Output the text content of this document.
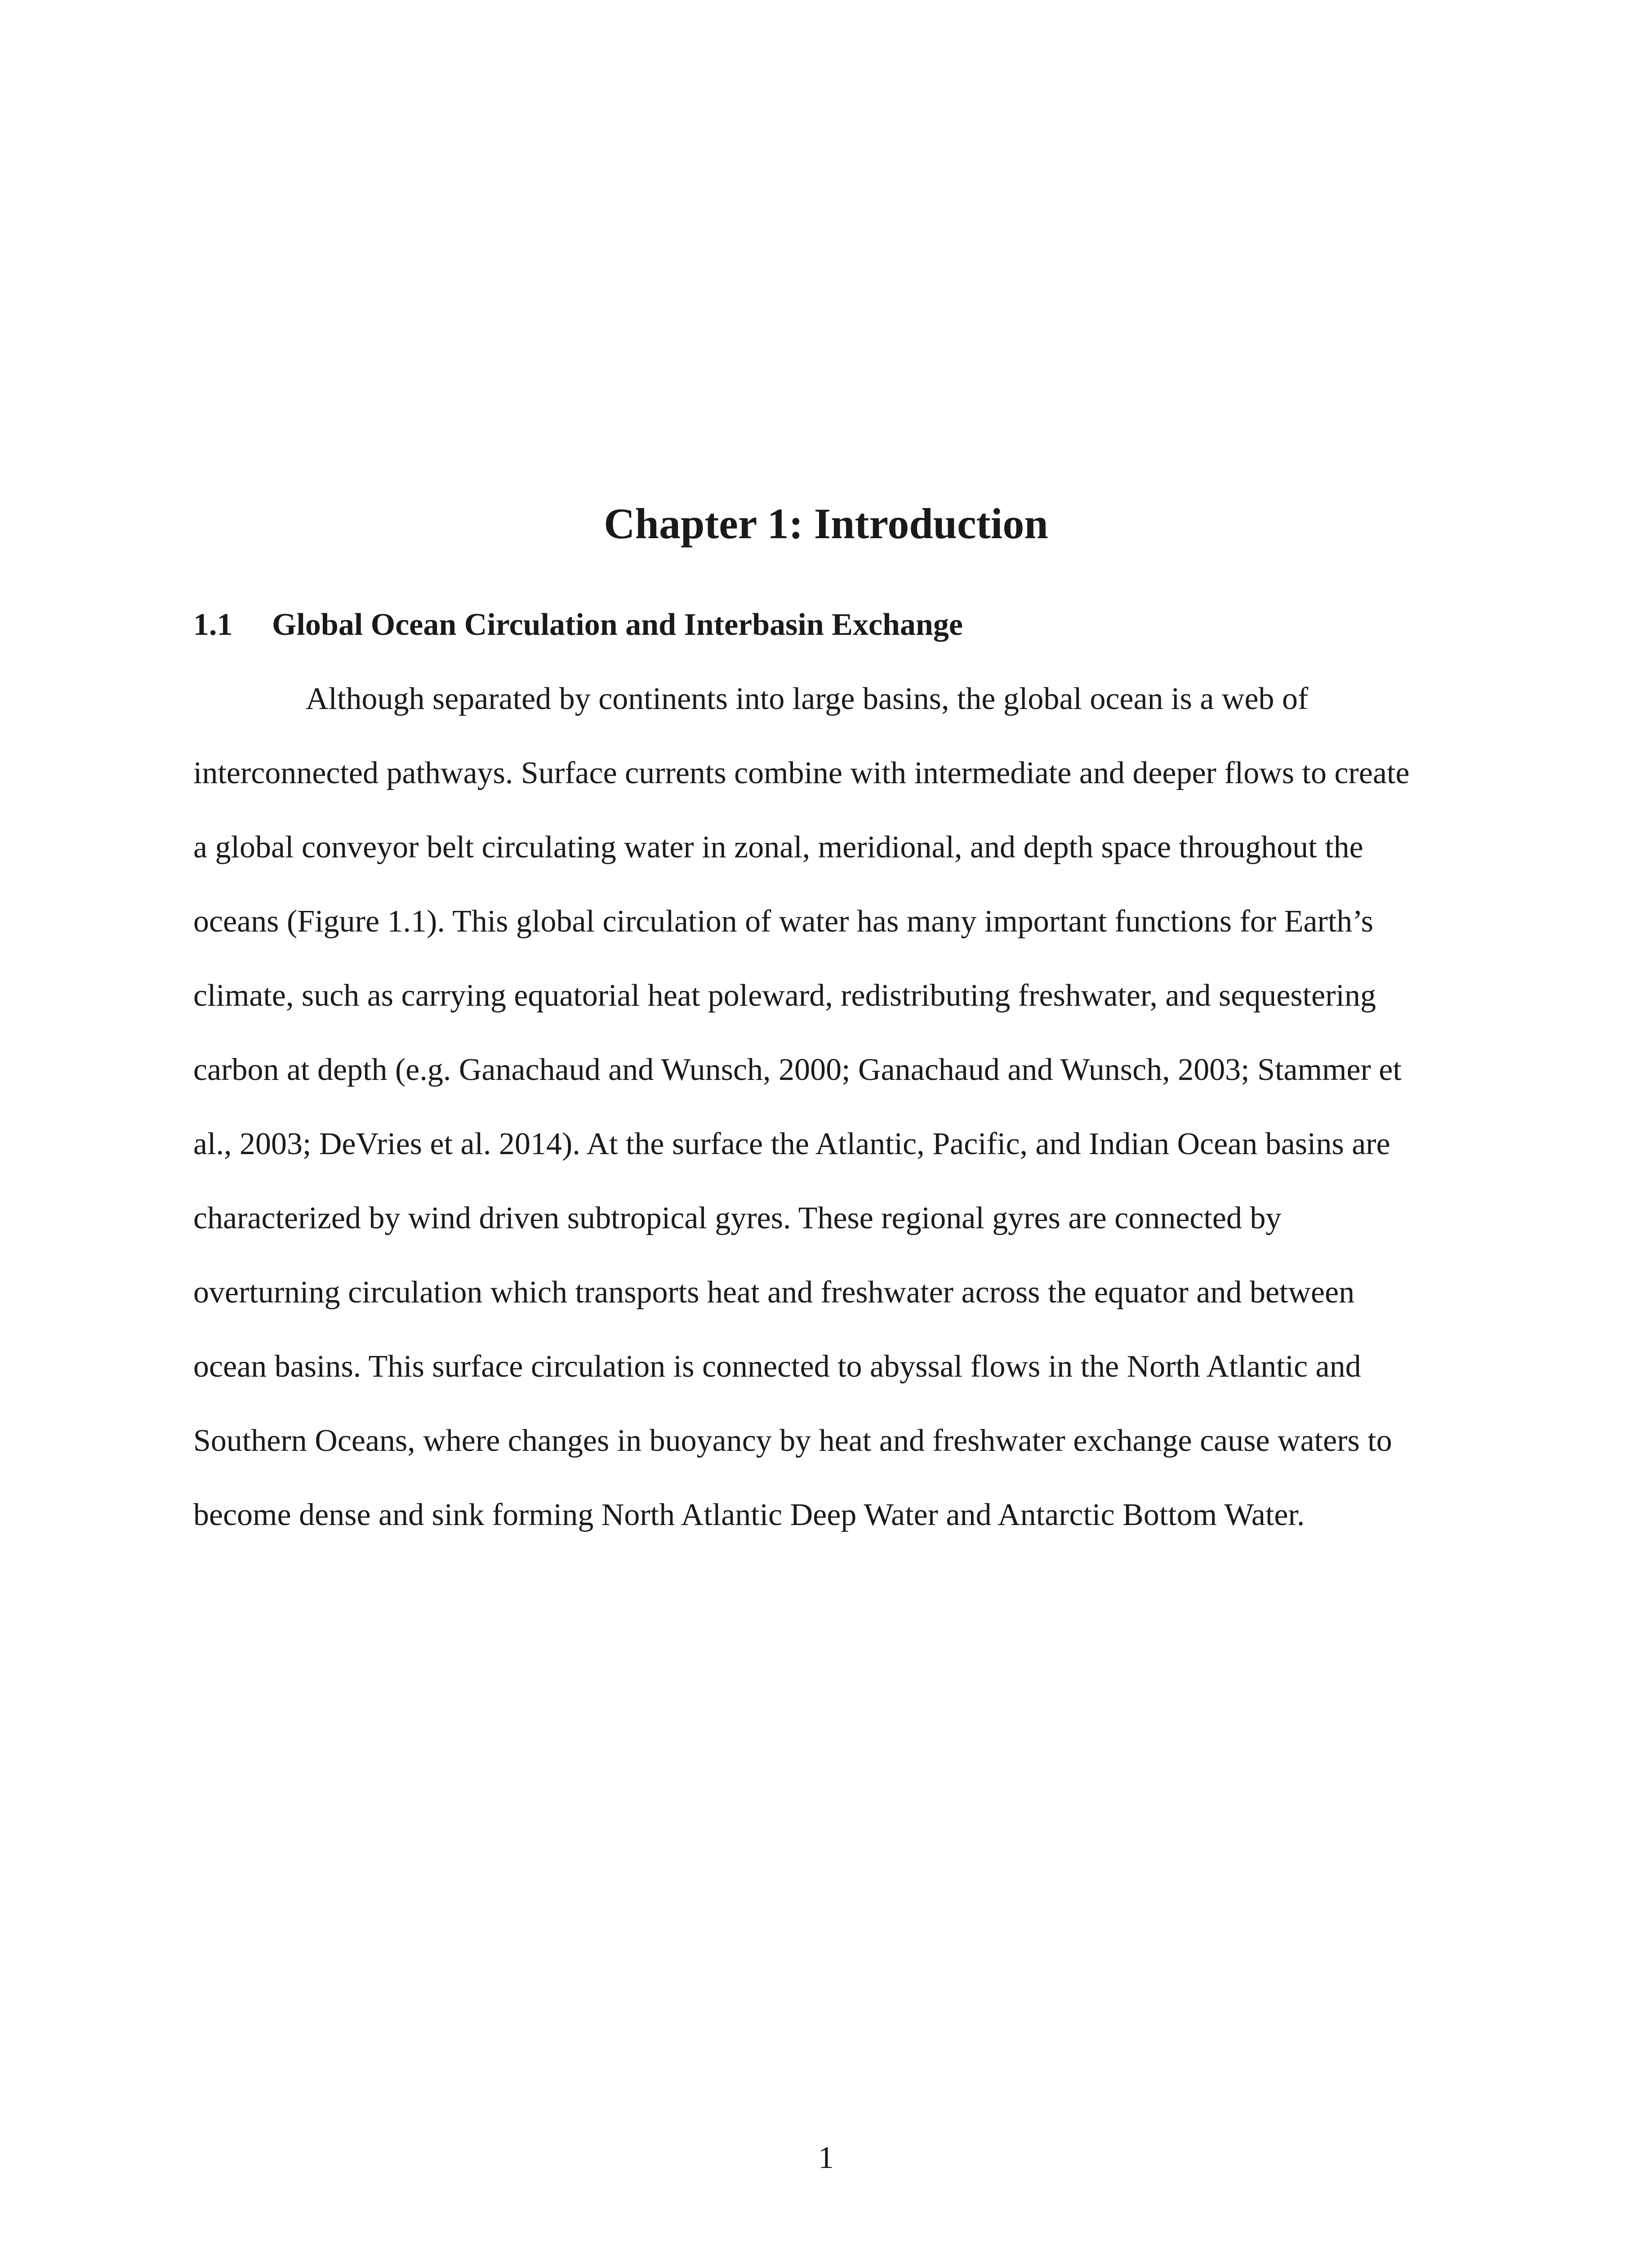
Chapter 1: Introduction
1.1 Global Ocean Circulation and Interbasin Exchange
Although separated by continents into large basins, the global ocean is a web of
interconnected pathways. Surface currents combine with intermediate and deeper flows to create
a global conveyor belt circulating water in zonal, meridional, and depth space throughout the
oceans (Figure 1.1). This global circulation of water has many important functions for Earth’s
climate, such as carrying equatorial heat poleward, redistributing freshwater, and sequestering
carbon at depth (e.g. Ganachaud and Wunsch, 2000; Ganachaud and Wunsch, 2003; Stammer et
al., 2003; DeVries et al. 2014). At the surface the Atlantic, Pacific, and Indian Ocean basins are
characterized by wind driven subtropical gyres. These regional gyres are connected by
overturning circulation which transports heat and freshwater across the equator and between
ocean basins. This surface circulation is connected to abyssal flows in the North Atlantic and
Southern Oceans, where changes in buoyancy by heat and freshwater exchange cause waters to
become dense and sink forming North Atlantic Deep Water and Antarctic Bottom Water.
1
